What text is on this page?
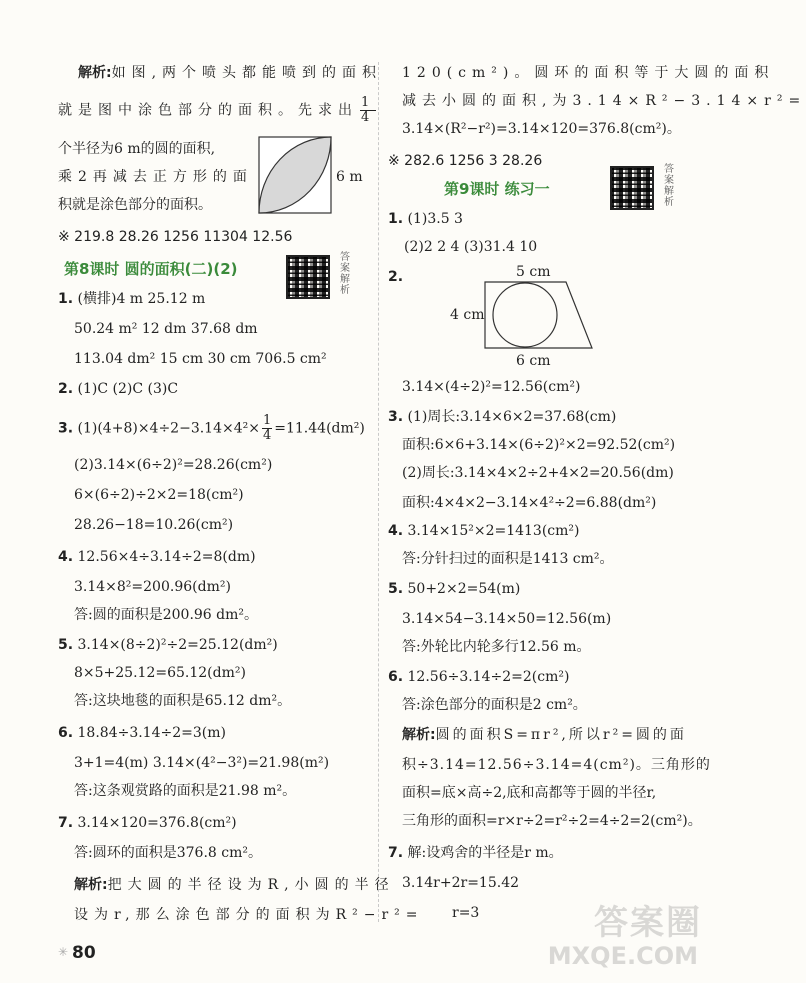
解析:如图,两个喷头都能喷到的面积
就是图中涂色部分的面积。先求出 $\frac{1}{4}$
个半径为6 m的圆的面积,
乘2再减去正方形的面
积就是涂色部分的面积。
6 m
※ 219.8 28.26 1256 11304 12.56
第8课时 圆的面积(二)(2)
答案解析
1. (横排)4 m 25.12 m
50.24 m² 12 dm 37.68 dm
113.04 dm² 15 cm 30 cm 706.5 cm²
2. (1)C (2)C (3)C
3. $(1)(4+8)\times 4\div 2-3.14\times 4^2\times \frac{1}{4} =11.44(dm^2)$
(2)3.14×(6÷2)²=28.26(cm²)
6×(6÷2)÷2×2=18(cm²)
28.26−18=10.26(cm²)
4. 12.56×4÷3.14÷2=8(dm)
3.14×8²=200.96(dm²)
答:圆的面积是200.96 dm²。
5. 3.14×(8÷2)²÷2=25.12(dm²)
8×5+25.12=65.12(dm²)
答:这块地毯的面积是65.12 dm²。
6. 18.84÷3.14÷2=3(m)
3+1=4(m) 3.14×(4²−3²)=21.98(m²)
答:这条观赏路的面积是21.98 m²。
7. 3.14×120=376.8(cm²)
答:圆环的面积是376.8 cm²。
解析:把大圆的半径设为R,小圆的半径
设为r,那么涂色部分的面积为R²−r²=
120(cm²)。圆环的面积等于大圆的面积
减去小圆的面积,为3.14×R²−3.14×r²=
3.14×(R²−r²)=3.14×120=376.8(cm²)。
※ 282.6 1256 3 28.26
第9课时 练习一
答案解析
1. (1)3.5 3
(2)2 2 4 (3)31.4 10
2.	5 cm
4 cm
6 cm
3.14×(4÷2)²=12.56(cm²)
3. (1)周长:3.14×6×2=37.68(cm)
面积:6×6+3.14×(6÷2)²×2=92.52(cm²)
(2)周长:3.14×4×2÷2+4×2=20.56(dm)
面积:4×4×2−3.14×4²÷2=6.88(dm²)
4. 3.14×15²×2=1413(cm²)
答:分针扫过的面积是1413 cm²。
5. 50+2×2=54(m)
3.14×54−3.14×50=12.56(m)
答:外轮比内轮多行12.56 m。
6. 12.56÷3.14÷2=2(cm²)
答:涂色部分的面积是2 cm²。
解析:圆的面积S=πr²,所以r²=圆的面
积÷3.14=12.56÷3.14=4(cm²)。三角形的
面积=底×高÷2,底和高都等于圆的半径r,
三角形的面积=r×r÷2=r²÷2=4÷2=2(cm²)。
7. 解:设鸡舍的半径是r m。
3.14r+2r=15.42
r=3
✳ 80
答案圈
MXQE.COM
